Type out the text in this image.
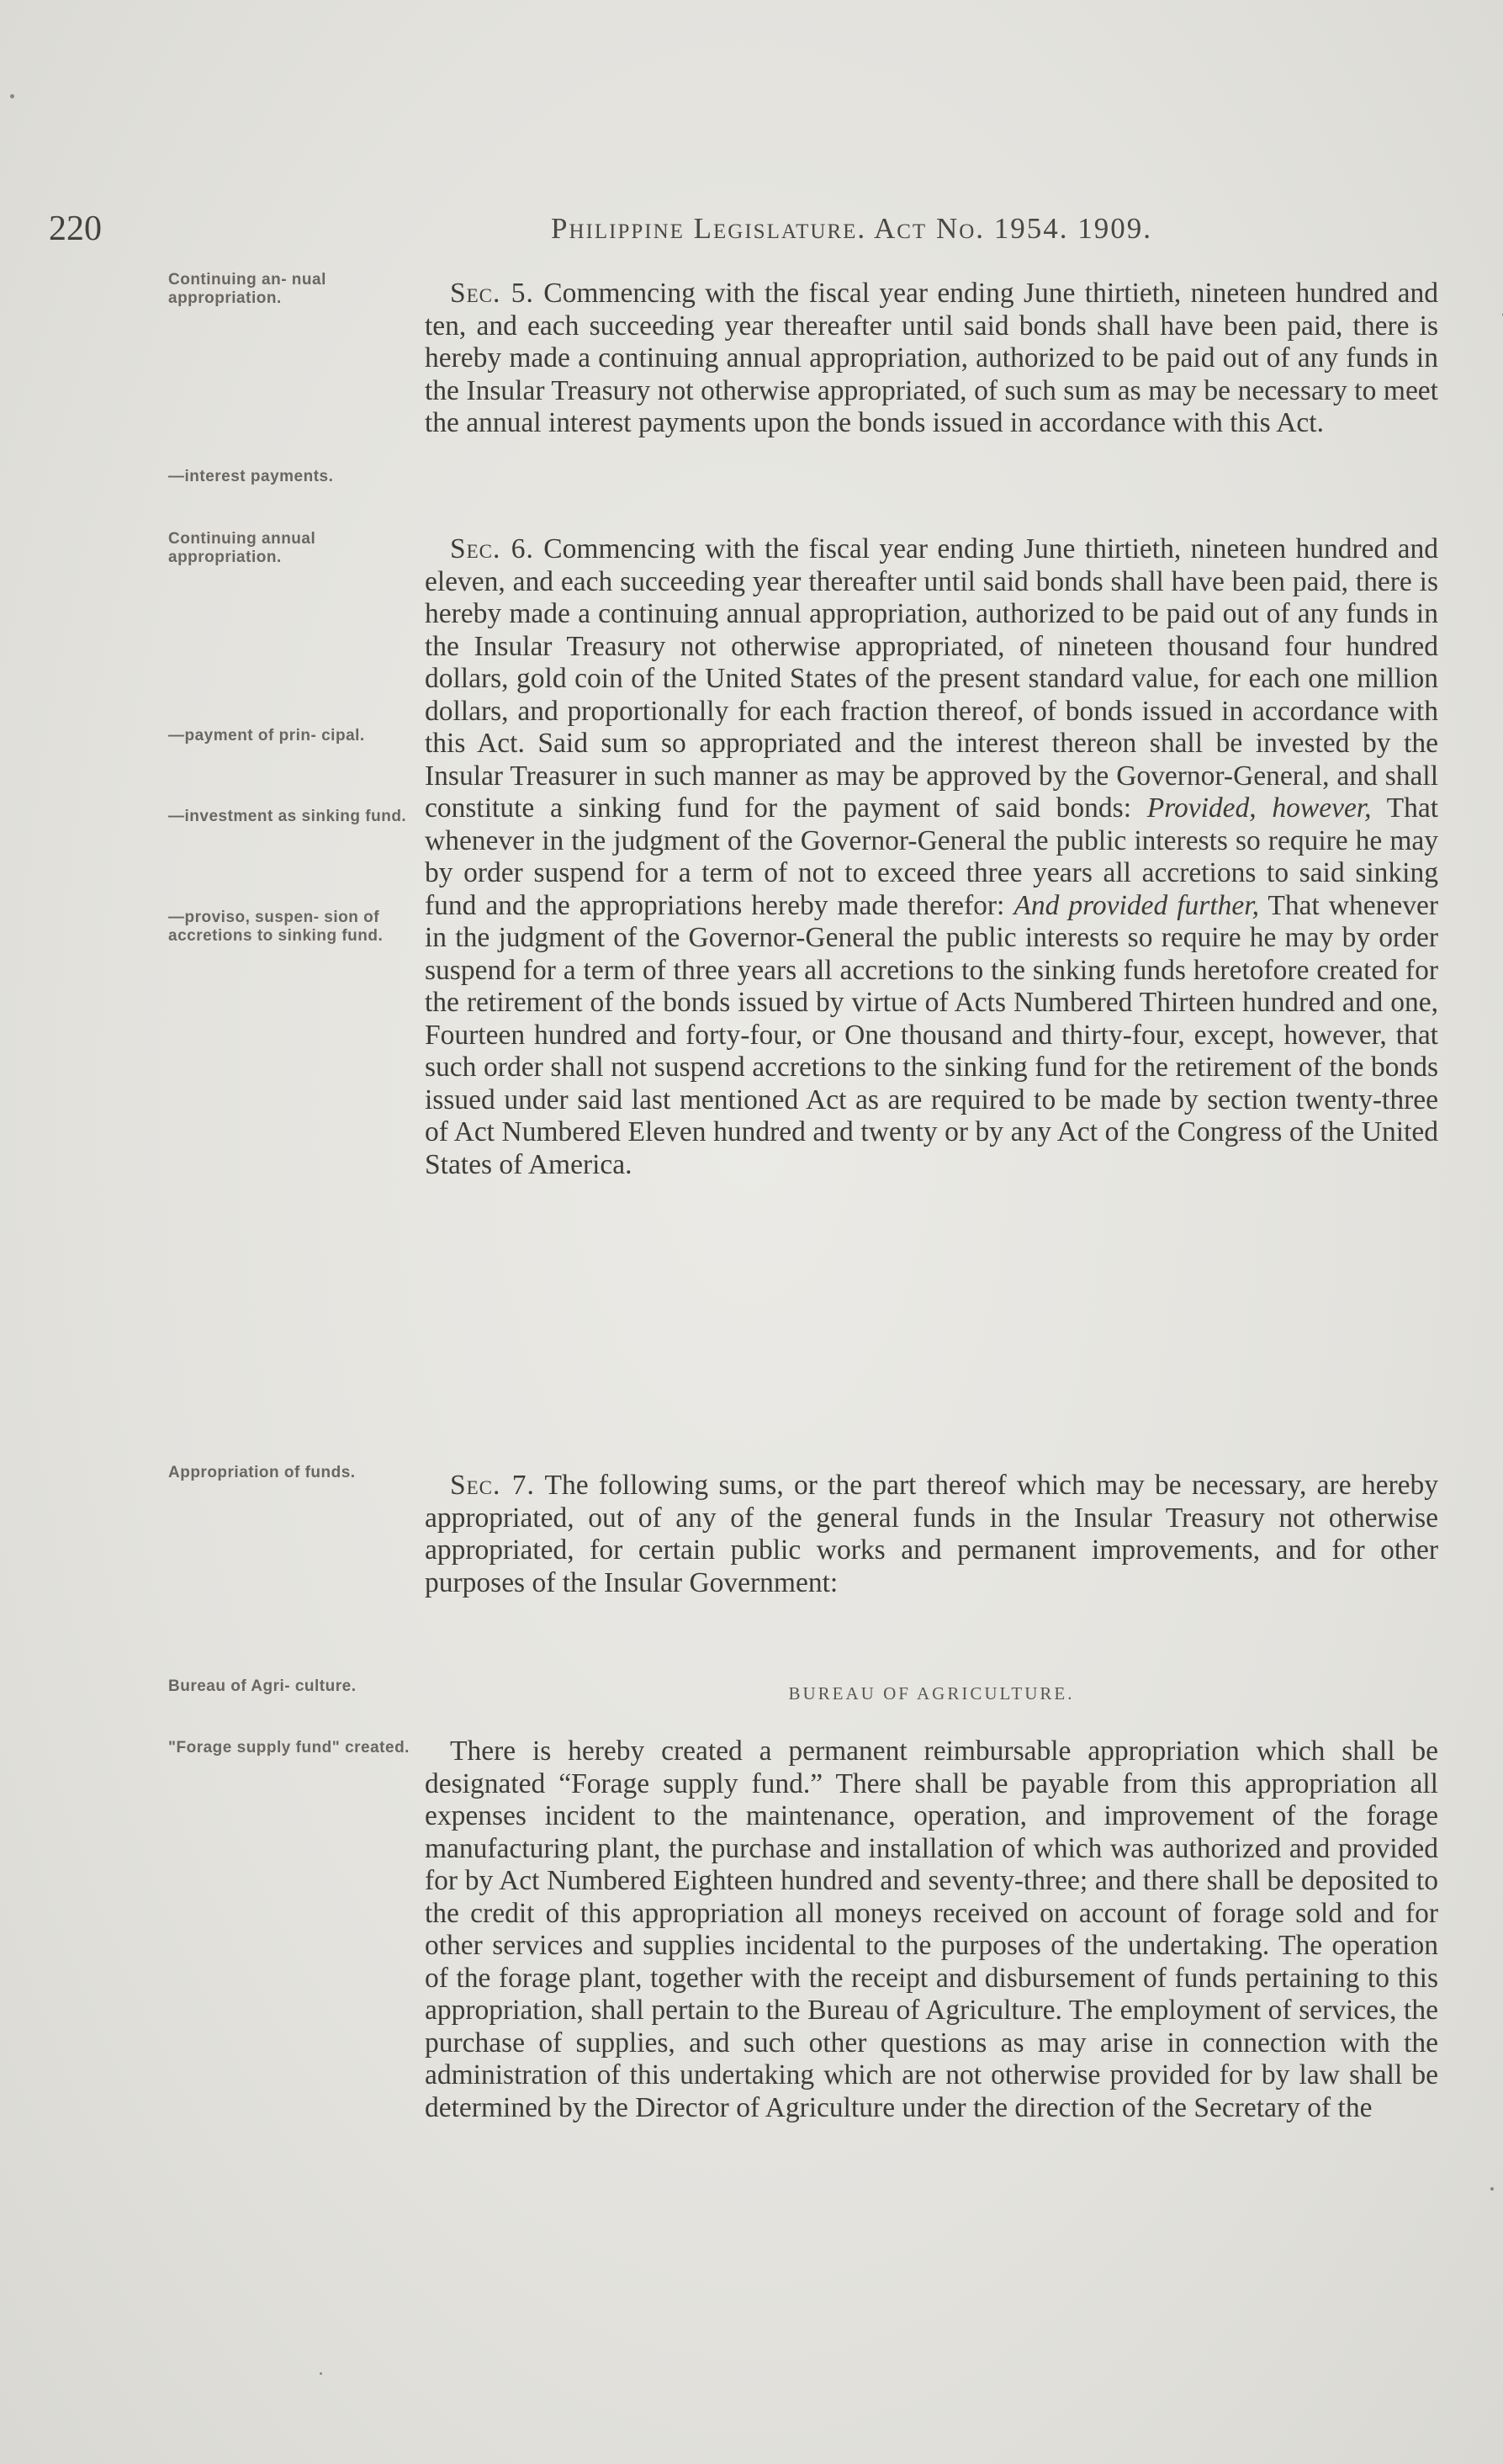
220	Philippine Legislature. Act No. 1954. 1909.
Continuing an- nual appropriation.
—interest payments.
Continuing annual appropriation.
—payment of prin- cipal.
—investment as sinking fund.
—proviso, suspen- sion of accretions to sinking fund.
Appropriation of funds.
Bureau of Agri- culture.
"Forage supply fund" created.

Sec. 5. Commencing with the fiscal year ending June thirtieth, nineteen hundred and ten, and each succeeding year thereafter until said bonds shall have been paid, there is hereby made a continuing annual appropriation, authorized to be paid out of any funds in the Insular Treasury not otherwise appropriated, of such sum as may be necessary to meet the annual interest payments upon the bonds issued in accordance with this Act.

Sec. 6. Commencing with the fiscal year ending June thirtieth, nineteen hundred and eleven, and each succeeding year thereafter until said bonds shall have been paid, there is hereby made a continuing annual appropriation, authorized to be paid out of any funds in the Insular Treasury not otherwise appropriated, of nineteen thousand four hundred dollars, gold coin of the United States of the present standard value, for each one million dollars, and proportionally for each fraction thereof, of bonds issued in accordance with this Act. Said sum so appropriated and the interest thereon shall be invested by the Insular Treasurer in such manner as may be approved by the Governor-General, and shall constitute a sinking fund for the payment of said bonds: Provided, however, That whenever in the judgment of the Governor-General the public interests so require he may by order suspend for a term of not to exceed three years all accretions to said sinking fund and the appropriations hereby made therefor: And provided further, That whenever in the judgment of the Governor-General the public interests so require he may by order suspend for a term of three years all accretions to the sinking funds heretofore created for the retirement of the bonds issued by virtue of Acts Numbered Thirteen hundred and one, Fourteen hundred and forty-four, or One thousand and thirty-four, except, however, that such order shall not suspend accretions to the sinking fund for the retirement of the bonds issued under said last mentioned Act as are required to be made by section twenty-three of Act Numbered Eleven hundred and twenty or by any Act of the Congress of the United States of America.

Sec. 7. The following sums, or the part thereof which may be necessary, are hereby appropriated, out of any of the general funds in the Insular Treasury not otherwise appropriated, for certain public works and permanent improvements, and for other purposes of the Insular Government:

BUREAU OF AGRICULTURE.

There is hereby created a permanent reimbursable appropriation which shall be designated “Forage supply fund.” There shall be payable from this appropriation all expenses incident to the maintenance, operation, and improvement of the forage manufacturing plant, the purchase and installation of which was authorized and provided for by Act Numbered Eighteen hundred and seventy-three; and there shall be deposited to the credit of this appropriation all moneys received on account of forage sold and for other services and supplies incidental to the purposes of the undertaking. The operation of the forage plant, together with the receipt and disbursement of funds pertaining to this appropriation, shall pertain to the Bureau of Agriculture. The employment of services, the purchase of supplies, and such other questions as may arise in connection with the administration of this undertaking which are not otherwise provided for by law shall be determined by the Director of Agriculture under the direction of the Secretary of the
